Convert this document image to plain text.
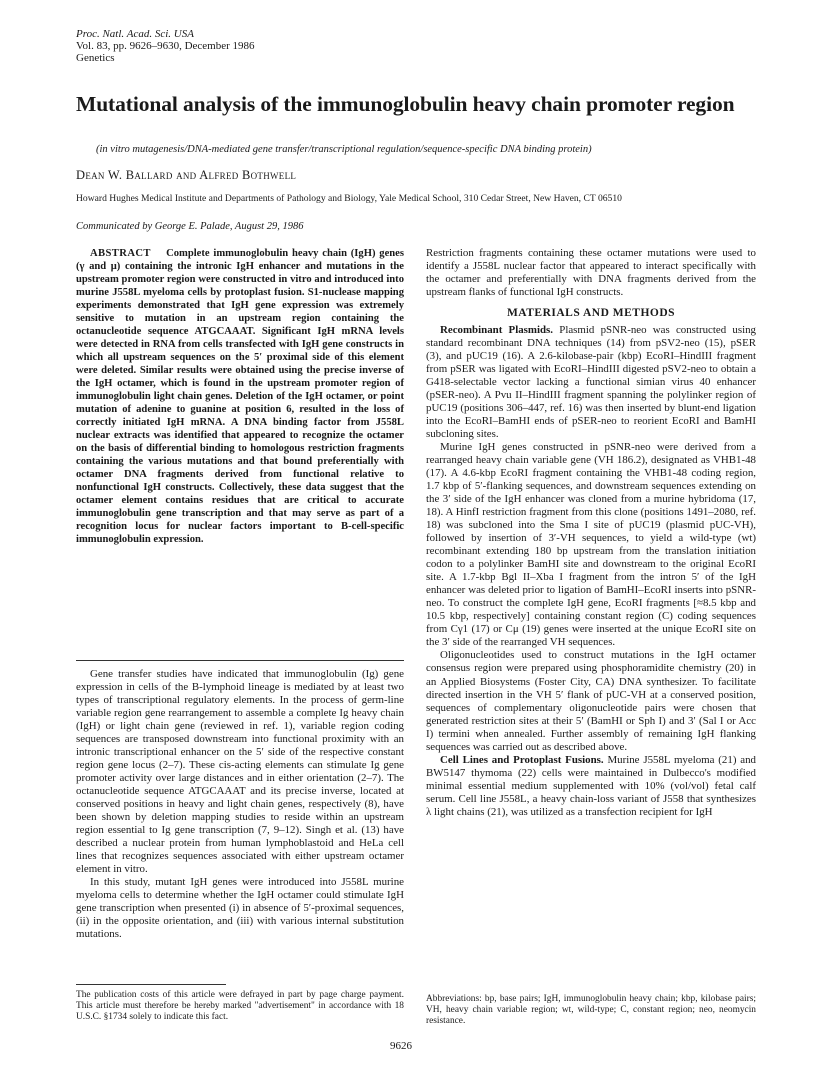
Proc. Natl. Acad. Sci. USA
Vol. 83, pp. 9626–9630, December 1986
Genetics
Mutational analysis of the immunoglobulin heavy chain promoter region
(in vitro mutagenesis/DNA-mediated gene transfer/transcriptional regulation/sequence-specific DNA binding protein)
Dean W. Ballard and Alfred Bothwell
Howard Hughes Medical Institute and Departments of Pathology and Biology, Yale Medical School, 310 Cedar Street, New Haven, CT 06510
Communicated by George E. Palade, August 29, 1986

ABSTRACT Complete immunoglobulin heavy chain (IgH) genes (γ and μ) containing the intronic IgH enhancer and mutations in the upstream promoter region were constructed in vitro and introduced into murine J558L myeloma cells by protoplast fusion. S1-nuclease mapping experiments demonstrated that IgH gene expression was extremely sensitive to mutation in an upstream region containing the octanucleotide sequence ATGCAAAT. Significant IgH mRNA levels were detected in RNA from cells transfected with IgH gene constructs in which all upstream sequences on the 5′ proximal side of this element were deleted. Similar results were obtained using the precise inverse of the IgH octamer, which is found in the upstream promoter region of immunoglobulin light chain genes. Deletion of the IgH octamer, or point mutation of adenine to guanine at position 6, resulted in the loss of correctly initiated IgH mRNA. A DNA binding factor from J558L nuclear extracts was identified that appeared to recognize the octamer on the basis of differential binding to homologous restriction fragments containing the various mutations and that bound preferentially with octamer DNA fragments derived from functional relative to nonfunctional IgH constructs. Collectively, these data suggest that the octamer element contains residues that are critical to accurate immunoglobulin gene transcription and that may serve as part of a recognition locus for nuclear factors important to B-cell-specific immunoglobulin expression.

Gene transfer studies have indicated that immunoglobulin (Ig) gene expression in cells of the B-lymphoid lineage is mediated by at least two types of transcriptional regulatory elements. In the process of germ-line variable region gene rearrangement to assemble a complete Ig heavy chain (IgH) or light chain gene (reviewed in ref. 1), variable region coding sequences are transposed downstream into functional proximity with an intronic transcriptional enhancer on the 5′ side of the respective constant region gene locus (2–7). These cis-acting elements can stimulate Ig gene promoter activity over large distances and in either orientation (2–7). The octanucleotide sequence ATGCAAAT and its precise inverse, located at conserved positions in heavy and light chain genes, respectively (8), have been shown by deletion mapping studies to reside within an upstream region essential to Ig gene transcription (7, 9–12). Singh et al. (13) have described a nuclear protein from human lymphoblastoid and HeLa cell lines that recognizes sequences associated with either upstream octamer element in vitro.

In this study, mutant IgH genes were introduced into J558L murine myeloma cells to determine whether the IgH octamer could stimulate IgH gene transcription when presented (i) in absence of 5′-proximal sequences, (ii) in the opposite orientation, and (iii) with various internal substitution mutations.

Restriction fragments containing these octamer mutations were used to identify a J558L nuclear factor that appeared to interact specifically with the octamer and preferentially with DNA fragments derived from the upstream flanks of functional IgH constructs.

MATERIALS AND METHODS

Recombinant Plasmids. Plasmid pSNR-neo was constructed using standard recombinant DNA techniques (14) from pSV2-neo (15), pSER (3), and pUC19 (16). A 2.6-kilobase-pair (kbp) EcoRI–HindIII fragment from pSER was ligated with EcoRI–HindIII digested pSV2-neo to obtain a G418-selectable vector lacking a functional simian virus 40 enhancer (pSER-neo). A Pvu II–HindIII fragment spanning the polylinker region of pUC19 (positions 306–447, ref. 16) was then inserted by blunt-end ligation into the EcoRI–BamHI ends of pSER-neo to reorient EcoRI and BamHI subcloning sites.

Murine IgH genes constructed in pSNR-neo were derived from a rearranged heavy chain variable gene (VH 186.2), designated as VHB1-48 (17). A 4.6-kbp EcoRI fragment containing the VHB1-48 coding region, 1.7 kbp of 5′-flanking sequences, and downstream sequences extending on the 3′ side of the IgH enhancer was cloned from a murine hybridoma (17, 18). A HinfI restriction fragment from this clone (positions 1491–2080, ref. 18) was subcloned into the Sma I site of pUC19 (plasmid pUC-VH), followed by insertion of 3′-VH sequences, to yield a wild-type (wt) recombinant extending 180 bp upstream from the translation initiation codon to a polylinker BamHI site and downstream to the original EcoRI site. A 1.7-kbp Bgl II–Xba I fragment from the intron 5′ of the IgH enhancer was deleted prior to ligation of BamHI–EcoRI inserts into pSNR-neo. To construct the complete IgH gene, EcoRI fragments [≈8.5 kbp and 10.5 kbp, respectively] containing constant region (C) coding sequences from Cγ1 (17) or Cμ (19) genes were inserted at the unique EcoRI site on the 3′ side of the rearranged VH sequences.

Oligonucleotides used to construct mutations in the IgH octamer consensus region were prepared using phosphoramidite chemistry (20) in an Applied Biosystems (Foster City, CA) DNA synthesizer. To facilitate directed insertion in the VH 5′ flank of pUC-VH at a conserved position, sequences of complementary oligonucleotide pairs were chosen that generated restriction sites at their 5′ (BamHI or Sph I) and 3′ (Sal I or Acc I) termini when annealed. Further assembly of remaining IgH flanking sequences was carried out as described above.

Cell Lines and Protoplast Fusions. Murine J558L myeloma (21) and BW5147 thymoma (22) cells were maintained in Dulbecco's modified minimal essential medium supplemented with 10% (vol/vol) fetal calf serum. Cell line J558L, a heavy chain-loss variant of J558 that synthesizes λ light chains (21), was utilized as a transfection recipient for IgH

The publication costs of this article were defrayed in part by page charge payment. This article must therefore be hereby marked "advertisement" in accordance with 18 U.S.C. §1734 solely to indicate this fact.
Abbreviations: bp, base pairs; IgH, immunoglobulin heavy chain; kbp, kilobase pairs; VH, heavy chain variable region; wt, wild-type; C, constant region; neo, neomycin resistance.
9626
